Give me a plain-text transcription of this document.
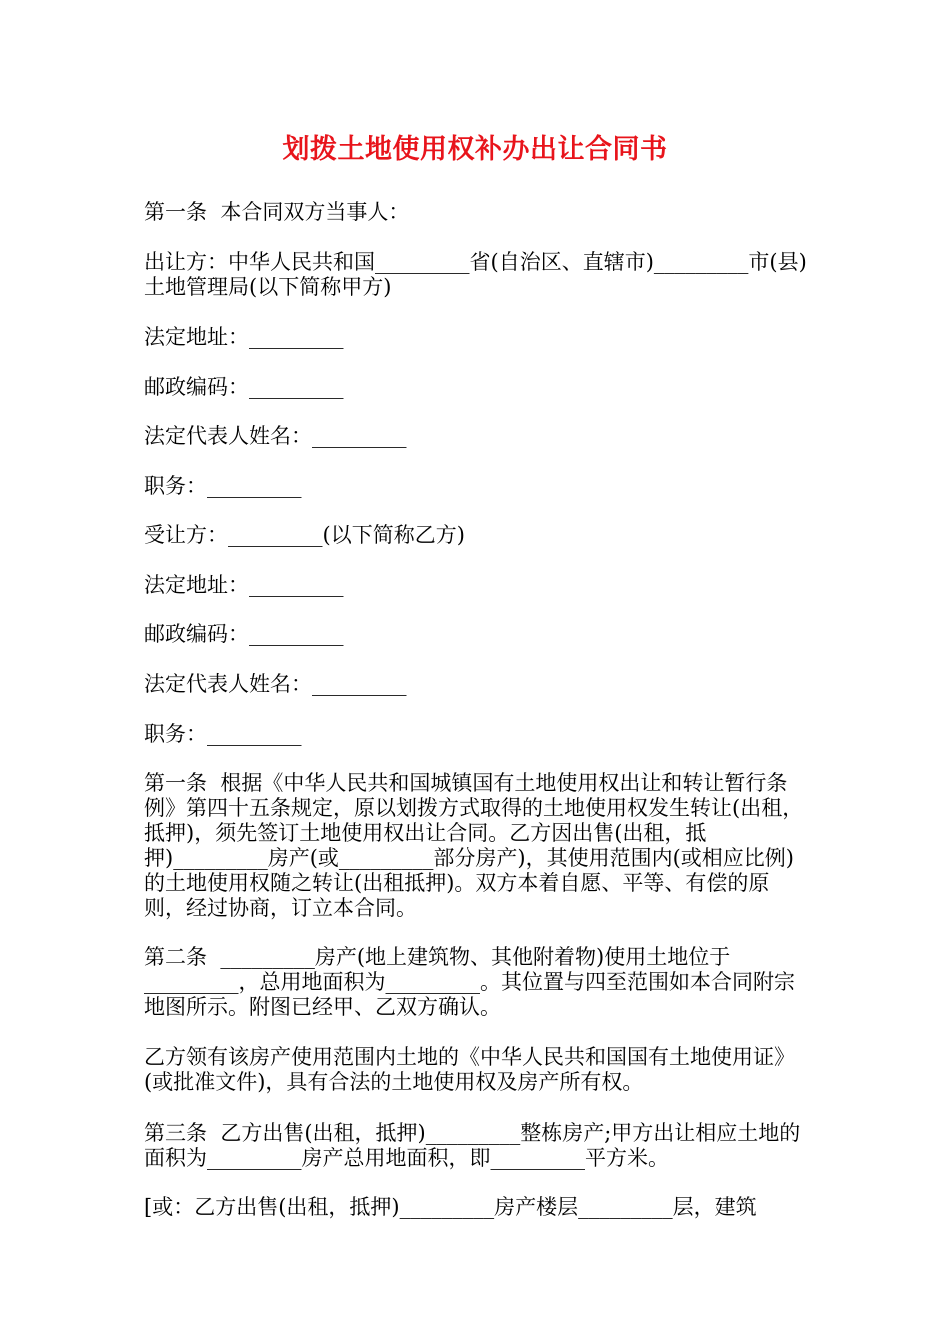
划拨土地使用权补办出让合同书

第一条  本合同双方当事人：

出让方：中华人民共和国_________省(自治区、直辖市)_________市(县)土地管理局(以下简称甲方)

法定地址：_________

邮政编码：_________

法定代表人姓名：_________

职务：_________

受让方：_________(以下简称乙方)

法定地址：_________

邮政编码：_________

法定代表人姓名：_________

职务：_________

第一条  根据《中华人民共和国城镇国有土地使用权出让和转让暂行条例》第四十五条规定，原以划拨方式取得的土地使用权发生转让(出租，抵押)，须先签订土地使用权出让合同。乙方因出售(出租，抵押)_________房产(或_________部分房产)，其使用范围内(或相应比例)的土地使用权随之转让(出租抵押)。双方本着自愿、平等、有偿的原则，经过协商，订立本合同。

第二条  _________房产(地上建筑物、其他附着物)使用土地位于_________，总用地面积为_________。其位置与四至范围如本合同附宗地图所示。附图已经甲、乙双方确认。

乙方领有该房产使用范围内土地的《中华人民共和国国有土地使用证》(或批准文件)，具有合法的土地使用权及房产所有权。

第三条  乙方出售(出租，抵押)_________整栋房产;甲方出让相应土地的面积为_________房产总用地面积，即_________平方米。

[或：乙方出售(出租，抵押)_________房产楼层_________层，建筑
